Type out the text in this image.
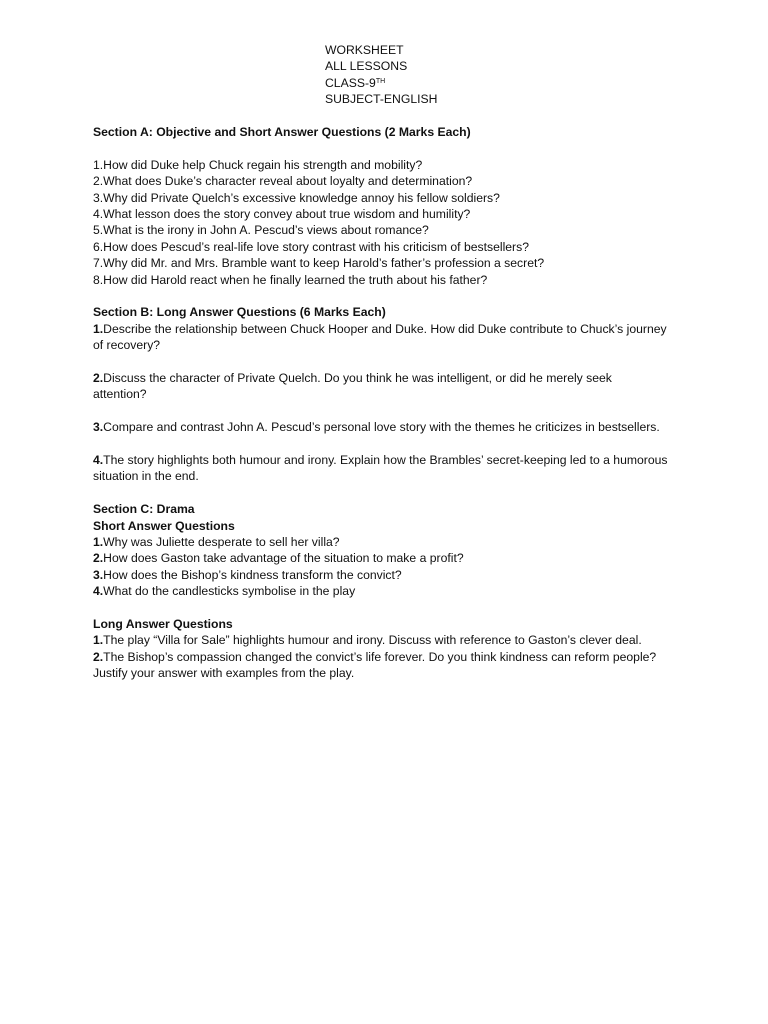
WORKSHEET
ALL LESSONS
CLASS-9TH
SUBJECT-ENGLISH
Section A: Objective and Short Answer Questions (2 Marks Each)
1.How did Duke help Chuck regain his strength and mobility?
2.What does Duke’s character reveal about loyalty and determination?
3.Why did Private Quelch’s excessive knowledge annoy his fellow soldiers?
4.What lesson does the story convey about true wisdom and humility?
5.What is the irony in John A. Pescud’s views about romance?
6.How does Pescud’s real-life love story contrast with his criticism of bestsellers?
7.Why did Mr. and Mrs. Bramble want to keep Harold’s father’s profession a secret?
8.How did Harold react when he finally learned the truth about his father?
Section B: Long Answer Questions (6 Marks Each)
1.Describe the relationship between Chuck Hooper and Duke. How did Duke contribute to Chuck’s journey of recovery?
2.Discuss the character of Private Quelch. Do you think he was intelligent, or did he merely seek attention?
3.Compare and contrast John A. Pescud’s personal love story with the themes he criticizes in bestsellers.
4.The story highlights both humour and irony. Explain how the Brambles’ secret-keeping led to a humorous situation in the end.
Section C: Drama
Short Answer Questions
1.Why was Juliette desperate to sell her villa?
2.How does Gaston take advantage of the situation to make a profit?
3.How does the Bishop’s kindness transform the convict?
4.What do the candlesticks symbolise in the play
Long Answer Questions
1.The play “Villa for Sale” highlights humour and irony. Discuss with reference to Gaston’s clever deal.
2.The Bishop’s compassion changed the convict’s life forever. Do you think kindness can reform people? Justify your answer with examples from the play.
